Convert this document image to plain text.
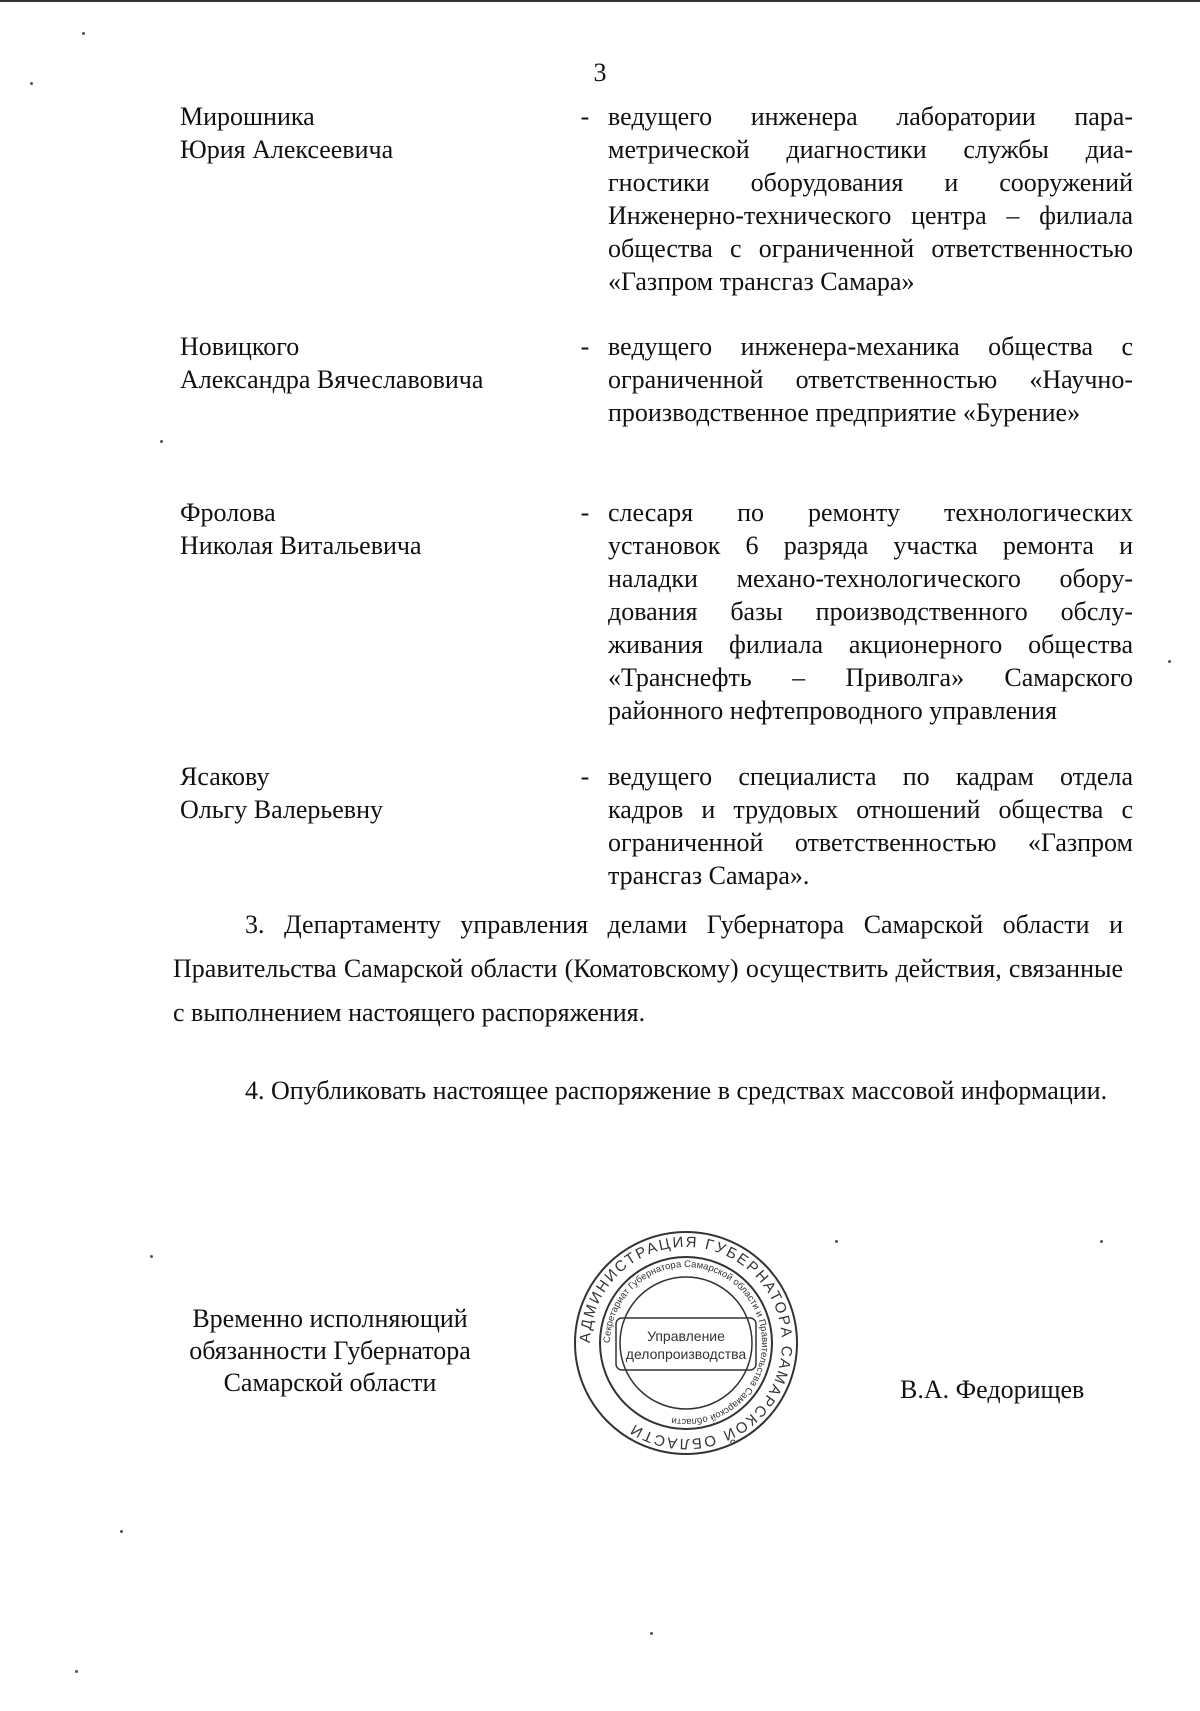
3
Мирошника
Юрия Алексеевича
- ведущего инженера лаборатории параметрической диагностики службы диагностики оборудования и сооружений Инженерно-технического центра – филиала общества с ограниченной ответственностью «Газпром трансгаз Самара»
Новицкого
Александра Вячеславовича
- ведущего инженера-механика общества с ограниченной ответственностью «Научно-производственное предприятие «Бурение»
Фролова
Николая Витальевича
- слесаря по ремонту технологических установок 6 разряда участка ремонта и наладки механо-технологического оборудования базы производственного обслуживания филиала акционерного общества «Транснефть – Приволга» Самарского районного нефтепроводного управления
Ясакову
Ольгу Валерьевну
- ведущего специалиста по кадрам отдела кадров и трудовых отношений общества с ограниченной ответственностью «Газпром трансгаз Самара».

3. Департаменту управления делами Губернатора Самарской области и Правительства Самарской области (Коматовскому) осуществить действия, связанные с выполнением настоящего распоряжения.

4. Опубликовать настоящее распоряжение в средствах массовой информации.

Временно исполняющий
обязанности Губернатора
Самарской области
АДМИНИСТРАЦИЯ ГУБЕРНАТОРА САМАРСКОЙ ОБЛАСТИ
Секретариат Губернатора Самарской области и Правительства Самарской области
Управление
делопроизводства
В.А. Федорищев
